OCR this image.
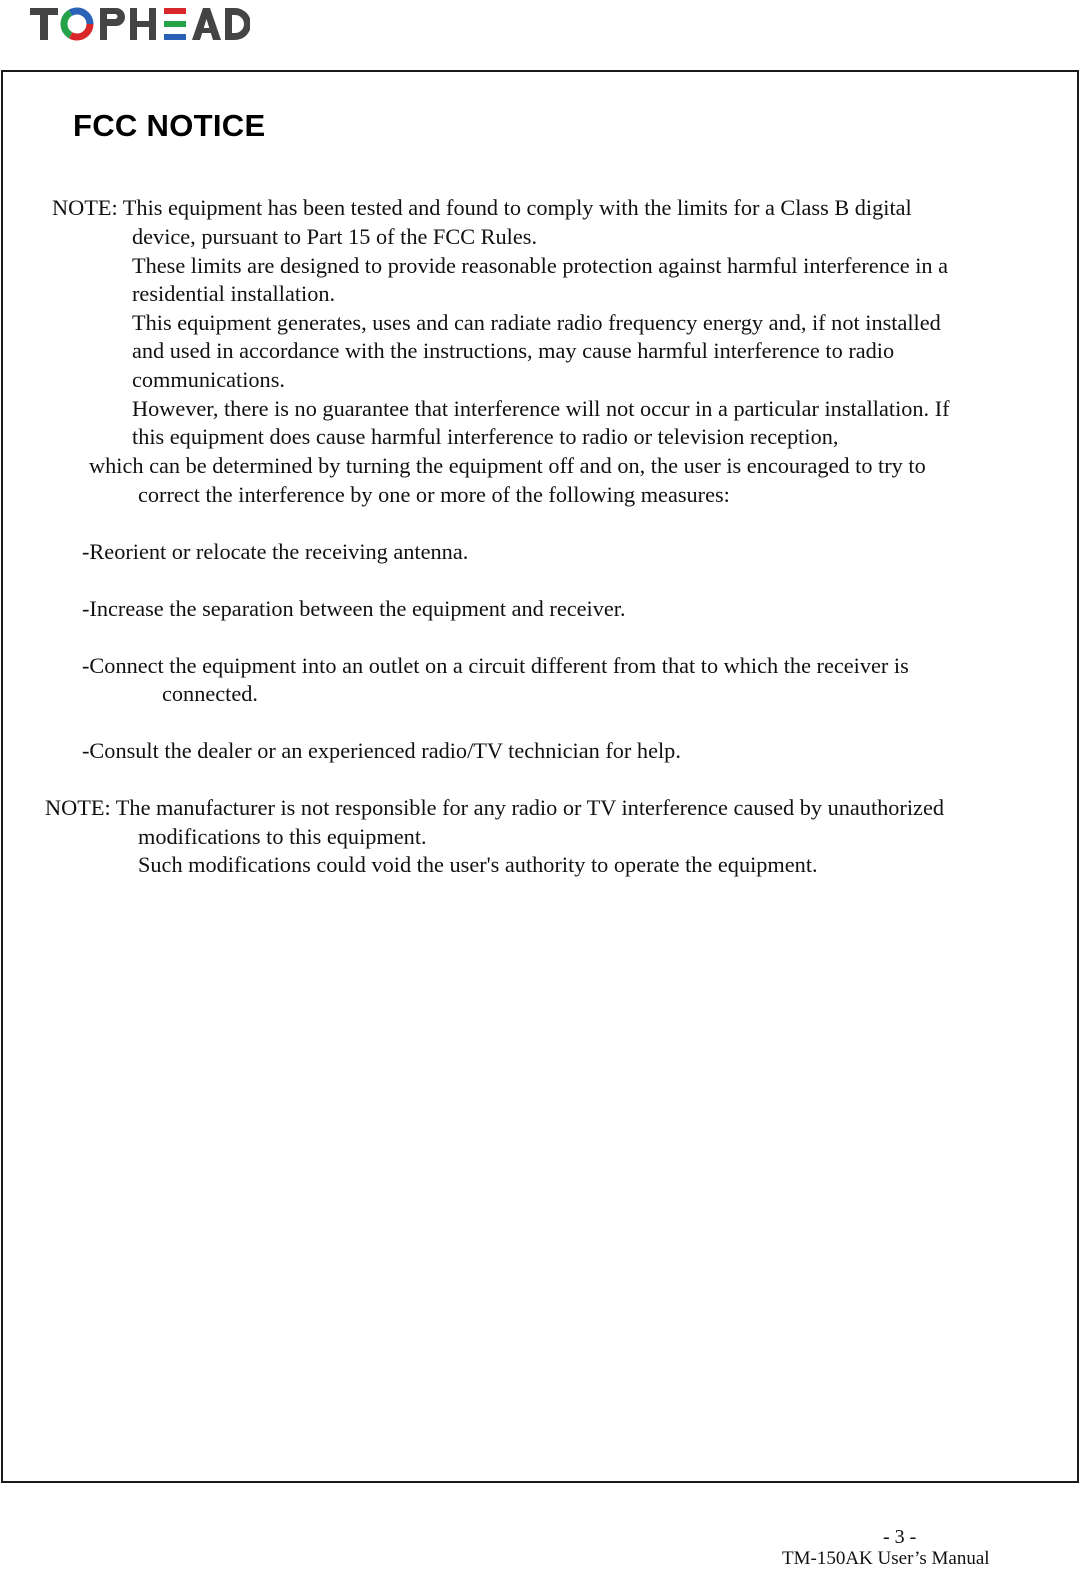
FCC NOTICE
NOTE: This equipment has been tested and found to comply with the limits for a Class B digital
device, pursuant to Part 15 of the FCC Rules.
These limits are designed to provide reasonable protection against harmful interference in a
residential installation.
This equipment generates, uses and can radiate radio frequency energy and, if not installed
and used in accordance with the instructions, may cause harmful interference to radio
communications.
However, there is no guarantee that interference will not occur in a particular installation. If
this equipment does cause harmful interference to radio or television reception,
which can be determined by turning the equipment off and on, the user is encouraged to try to
correct the interference by one or more of the following measures:
-Reorient or relocate the receiving antenna.
-Increase the separation between the equipment and receiver.
-Connect the equipment into an outlet on a circuit different from that to which the receiver is
connected.
-Consult the dealer or an experienced radio/TV technician for help.
NOTE: The manufacturer is not responsible for any radio or TV interference caused by unauthorized
modifications to this equipment.
Such modifications could void the user's authority to operate the equipment.
- 3 -
TM-150AK User’s Manual
